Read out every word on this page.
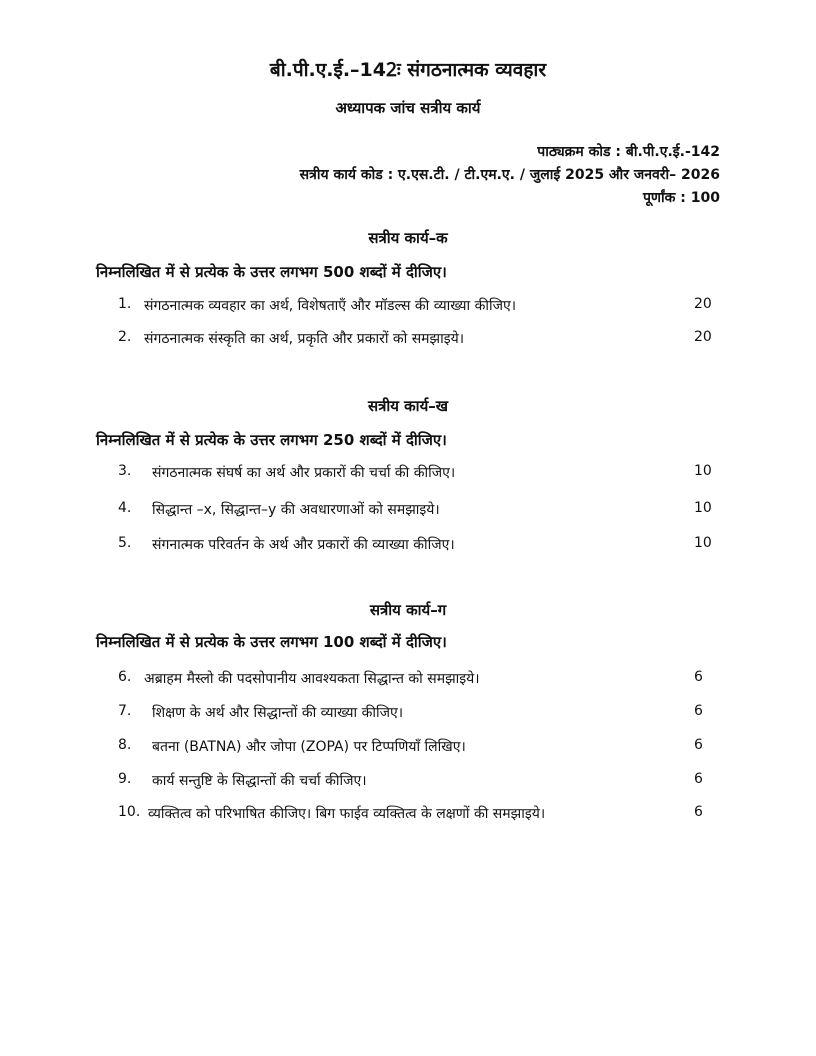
बी.पी.ए.ई.–142ः संगठनात्मक व्यवहार
अध्यापक जांच सत्रीय कार्य
पाठ्यक्रम कोड : बी.पी.ए.ई.-142
सत्रीय कार्य कोड : ए.एस.टी. / टी.एम.ए. / जुलाई 2025 और जनवरी– 2026
पूर्णांक : 100
सत्रीय कार्य–क
निम्नलिखित में से प्रत्येक के उत्तर लगभग 500 शब्दों में दीजिए।
1. संगठनात्मक व्यवहार का अर्थ, विशेषताएँ और मॉडल्स की व्याख्या कीजिए।	20
2. संगठनात्मक संस्कृति का अर्थ, प्रकृति और प्रकारों को समझाइये।	20
सत्रीय कार्य–ख
निम्नलिखित में से प्रत्येक के उत्तर लगभग 250 शब्दों में दीजिए।
3.	संगठनात्मक संघर्ष का अर्थ और प्रकारों की चर्चा की कीजिए।	10
4.	सिद्धान्त –x, सिद्धान्त–y की अवधारणाओं को समझाइये।	10
5.	संगनात्मक परिवर्तन के अर्थ और प्रकारों की व्याख्या कीजिए।	10
सत्रीय कार्य–ग
निम्नलिखित में से प्रत्येक के उत्तर लगभग 100 शब्दों में दीजिए।
6. अब्राहम मैस्लो की पदसोपानीय आवश्यकता सिद्धान्त को समझाइये।	6
7.	शिक्षण के अर्थ और सिद्धान्तों की व्याख्या कीजिए।	6
8.	बतना (BATNA) और जोपा (ZOPA) पर टिप्पणियाँ लिखिए।	6
9.	कार्य सन्तुष्टि के सिद्धान्तों की चर्चा कीजिए।	6
10. व्यक्तित्व को परिभाषित कीजिए। बिग फाईव व्यक्तित्व के लक्षणों की समझाइये।	6
